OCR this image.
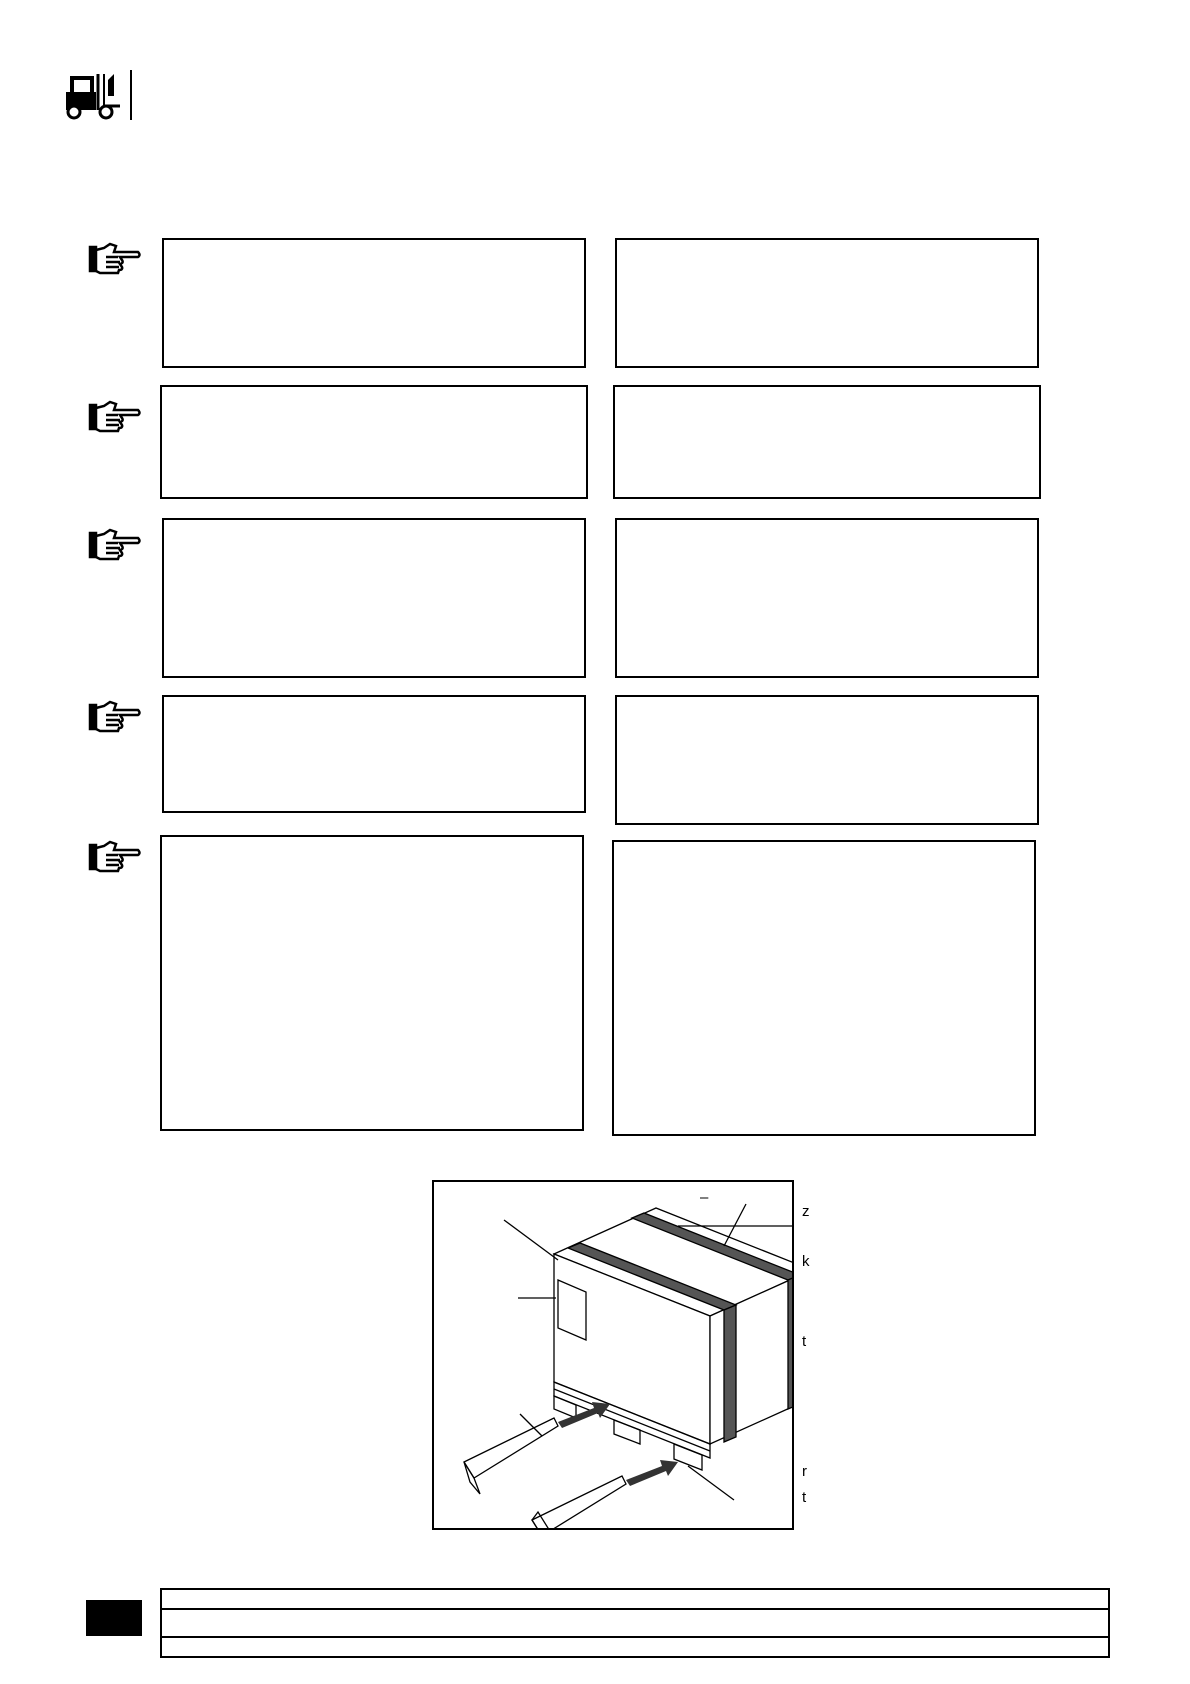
–
z
k
t
r
t
